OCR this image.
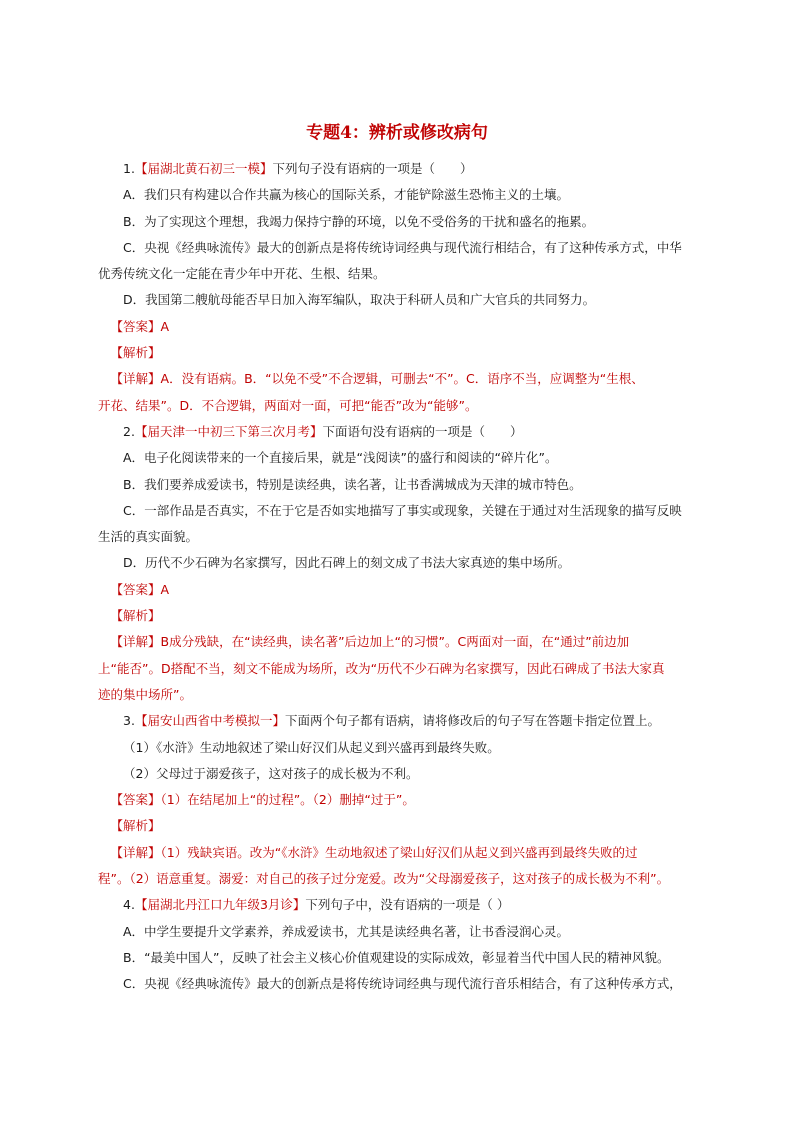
专题4：辨析或修改病句
1.【届湖北黄石初三一模】下列句子没有语病的一项是（　　）
A．我们只有构建以合作共赢为核心的国际关系，才能铲除滋生恐怖主义的土壤。
B．为了实现这个理想，我竭力保持宁静的环境，以免不受俗务的干扰和盛名的拖累。
C．央视《经典咏流传》最大的创新点是将传统诗词经典与现代流行相结合，有了这种传承方式，中华
优秀传统文化一定能在青少年中开花、生根、结果。
D．我国第二艘航母能否早日加入海军编队，取决于科研人员和广大官兵的共同努力。
【答案】A
【解析】
【详解】A．没有语病。B．“以免不受”不合逻辑，可删去“不”。C．语序不当，应调整为“生根、
开花、结果”。D．不合逻辑，两面对一面，可把“能否”改为“能够”。
2.【届天津一中初三下第三次月考】下面语句没有语病的一项是（　　）
A．电子化阅读带来的一个直接后果，就是“浅阅读”的盛行和阅读的“碎片化”。
B．我们要养成爱读书，特别是读经典，读名著，让书香满城成为天津的城市特色。
C．一部作品是否真实，不在于它是否如实地描写了事实或现象，关键在于通过对生活现象的描写反映
生活的真实面貌。
D．历代不少石碑为名家撰写，因此石碑上的刻文成了书法大家真迹的集中场所。
【答案】A
【解析】
【详解】B成分残缺，在“读经典，读名著”后边加上“的习惯”。C两面对一面，在“通过”前边加
上“能否”。D搭配不当，刻文不能成为场所，改为“历代不少石碑为名家撰写，因此石碑成了书法大家真
迹的集中场所”。
3.【届安山西省中考模拟一】下面两个句子都有语病，请将修改后的句子写在答题卡指定位置上。
（1）《水浒》生动地叙述了梁山好汉们从起义到兴盛再到最终失败。
（2）父母过于溺爱孩子，这对孩子的成长极为不利。
【答案】（1）在结尾加上“的过程”。（2）删掉“过于”。
【解析】
【详解】（1）残缺宾语。改为“《水浒》生动地叙述了梁山好汉们从起义到兴盛再到最终失败的过
程”。（2）语意重复。溺爱：对自己的孩子过分宠爱。改为“父母溺爱孩子，这对孩子的成长极为不利”。
4.【届湖北丹江口九年级3月诊】下列句子中，没有语病的一项是（ ）
A．中学生要提升文学素养，养成爱读书，尤其是读经典名著，让书香浸润心灵。
B．“最美中国人”，反映了社会主义核心价值观建设的实际成效，彰显着当代中国人民的精神风貌。
C．央视《经典咏流传》最大的创新点是将传统诗词经典与现代流行音乐相结合，有了这种传承方式，
